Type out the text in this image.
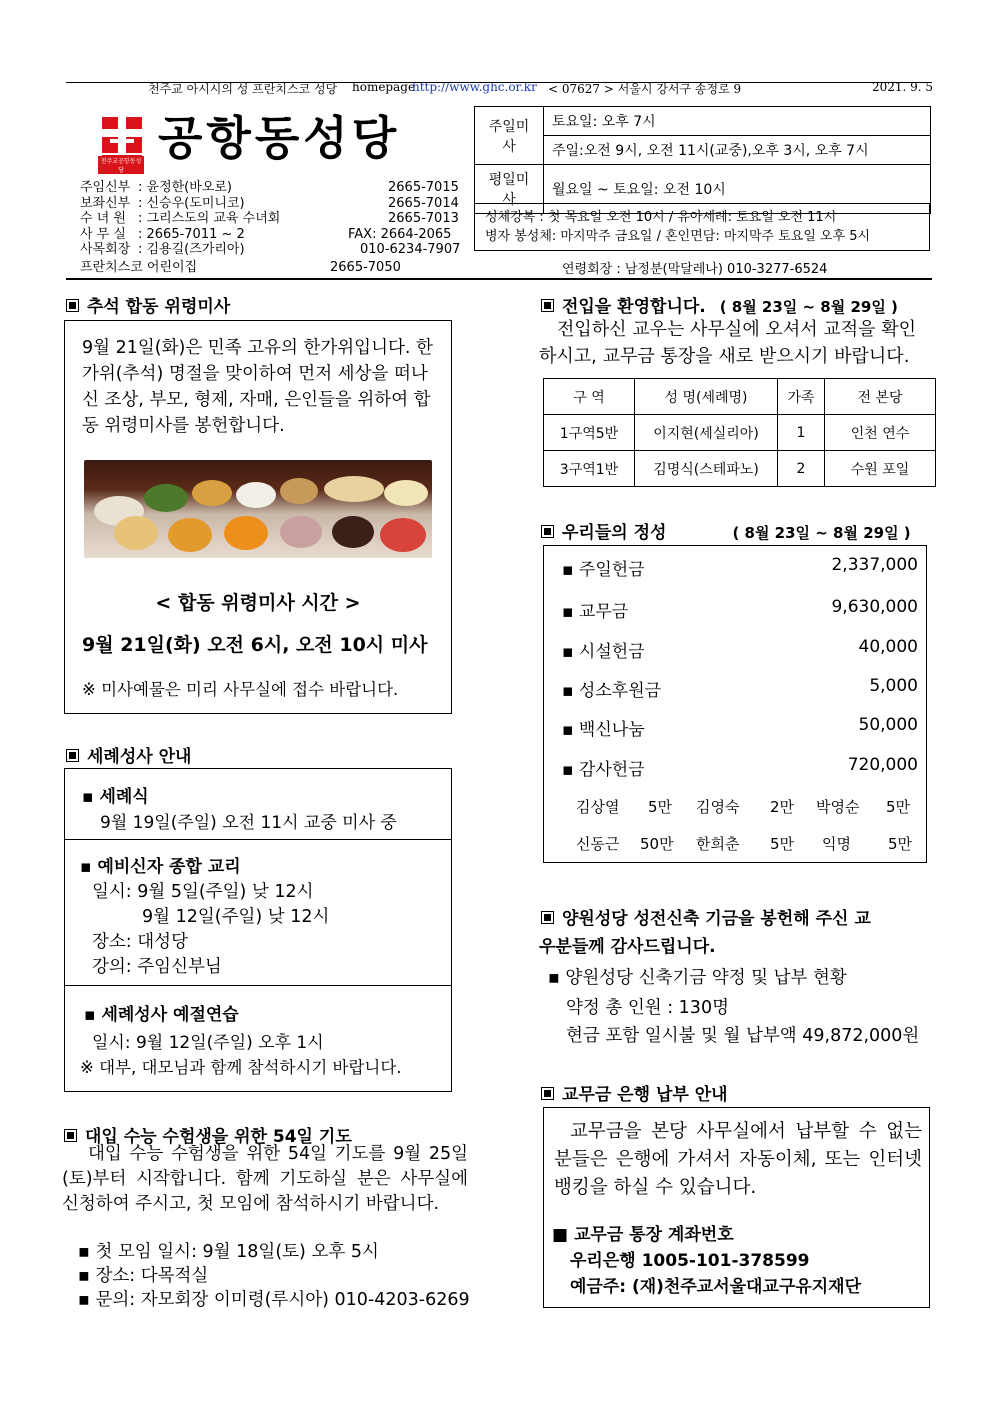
천주교 아시시의 성 프란치스코 성당 homepage
http://www.ghc.or.kr < 07627 > 서울시 강서구 송정로 9	2021. 9. 5
천주교공항동성당
공항동성당
주임신부 : 윤정한(바오로)	2665-7015
보좌신부 : 신승우(도미니코)	2665-7014
수 녀 원 : 그리스도의 교육 수녀회	2665-7013
사 무 실 : 2665-7011 ~ 2	FAX: 2664-2065
사목회장 : 김용길(즈가리아)	010-6234-7907
프란치스코 어린이집	2665-7050
주일미사	토요일: 오후 7시
	주일:오전 9시, 오전 11시(교중),오후 3시, 오후 7시
평일미사	월요일 ~ 토요일: 오전 10시
성체강복 : 첫 목요일 오전 10시 / 유아세례: 토요일 오전 11시
병자 봉성체: 마지막주 금요일 / 혼인면담: 마지막주 토요일 오후 5시
연령회장 : 남정분(막달레나) 010-3277-6524
추석 합동 위령미사
9월 21일(화)은 민족 고유의 한가위입니다. 한가위(추석) 명절을 맞이하여 먼저 세상을 떠나신 조상, 부모, 형제, 자매, 은인들을 위하여 합동 위령미사를 봉헌합니다.
< 합동 위령미사 시간 >
9월 21일(화) 오전 6시, 오전 10시 미사
※ 미사예물은 미리 사무실에 접수 바랍니다.
세례성사 안내
▪ 세례식
9월 19일(주일) 오전 11시 교중 미사 중
▪ 예비신자 종합 교리
일시: 9월 5일(주일) 낮 12시
9월 12일(주일) 낮 12시
장소: 대성당
강의: 주임신부님
▪ 세례성사 예절연습
일시: 9월 12일(주일) 오후 1시
※ 대부, 대모님과 함께 참석하시기 바랍니다.
대입 수능 수험생을 위한 54일 기도
대입 수능 수험생을 위한 54일 기도를 9월 25일(토)부터 시작합니다. 함께 기도하실 분은 사무실에 신청하여 주시고, 첫 모임에 참석하시기 바랍니다.
▪ 첫 모임 일시: 9월 18일(토) 오후 5시
▪ 장소: 다목적실
▪ 문의: 자모회장 이미령(루시아) 010-4203-6269
전입을 환영합니다. ( 8월 23일 ~ 8월 29일 )
전입하신 교우는 사무실에 오셔서 교적을 확인하시고, 교무금 통장을 새로 받으시기 바랍니다.
구 역	성 명(세례명)	가족	전 본당
1구역5반	이지현(세실리아)	1	인천 연수
3구역1반	김명식(스테파노)	2	수원 포일
우리들의 정성	( 8월 23일 ~ 8월 29일 )
▪ 주일헌금	2,337,000
▪ 교무금	9,630,000
▪ 시설헌금	40,000
▪ 성소후원금	5,000
▪ 백신나눔	50,000
▪ 감사헌금	720,000
김상열 5만 김영숙 2만 박영순 5만
신동근 50만 한희춘 5만 익명 5만
양원성당 성전신축 기금을 봉헌해 주신 교
우분들께 감사드립니다.
▪ 양원성당 신축기금 약정 및 납부 현황
약정 총 인원 : 130명
현금 포함 일시불 및 월 납부액 49,872,000원
교무금 은행 납부 안내
교무금을 본당 사무실에서 납부할 수 없는 분들은 은행에 가셔서 자동이체, 또는 인터넷뱅킹을 하실 수 있습니다.
■ 교무금 통장 계좌번호
우리은행 1005-101-378599
예금주: (재)천주교서울대교구유지재단
